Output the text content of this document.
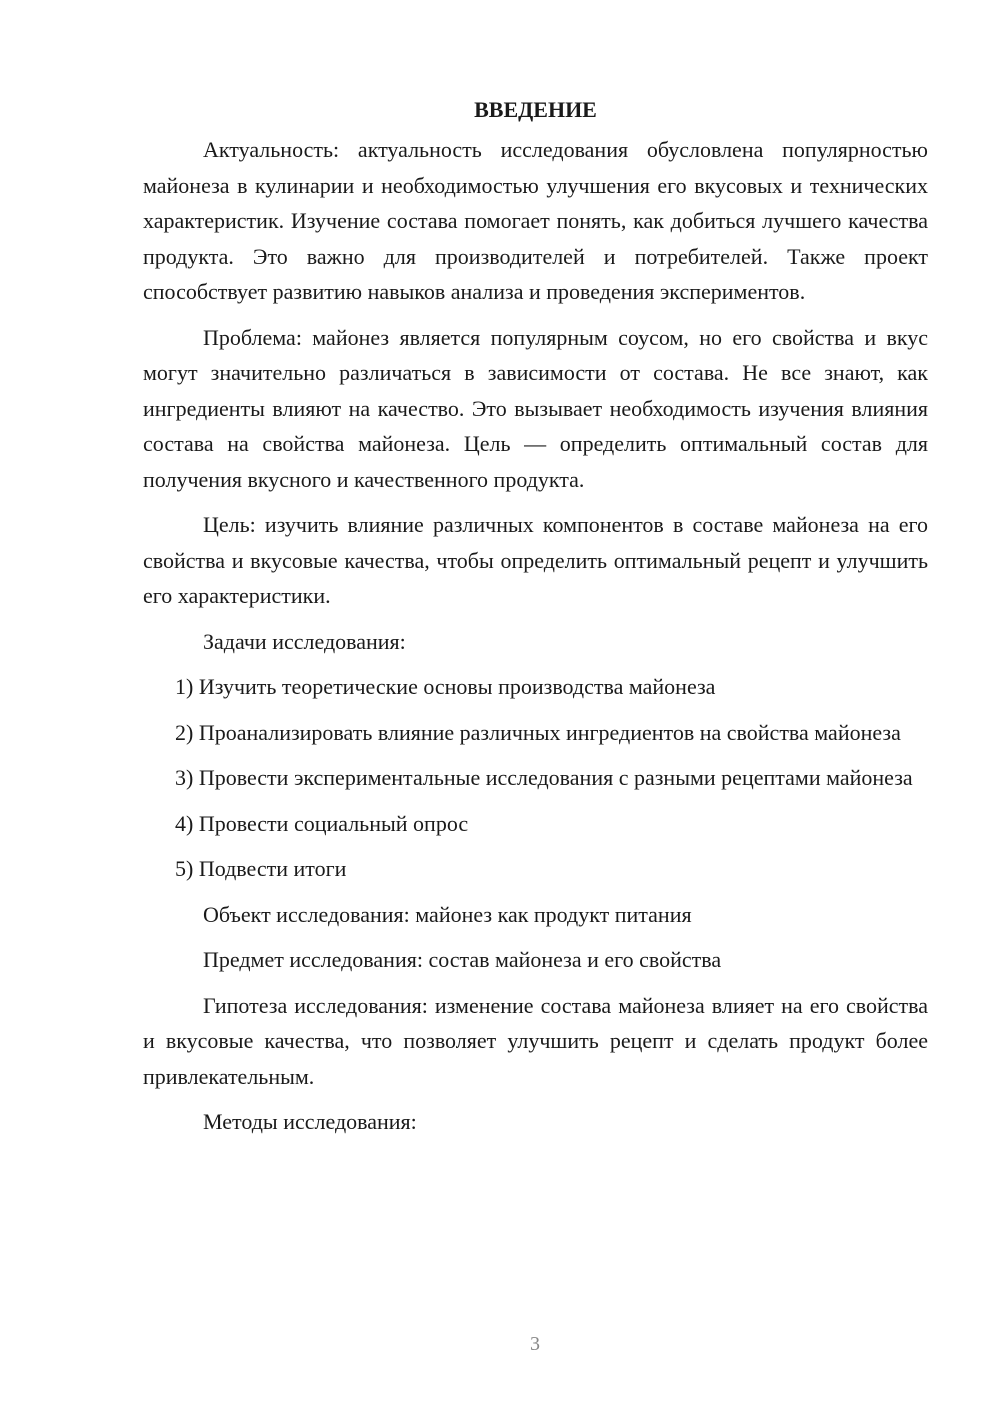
ВВЕДЕНИЕ

Актуальность: актуальность исследования обусловлена популярностью майонеза в кулинарии и необходимостью улучшения его вкусовых и технических характеристик. Изучение состава помогает понять, как добиться лучшего качества продукта. Это важно для производителей и потребителей. Также проект способствует развитию навыков анализа и проведения экспериментов.

Проблема: майонез является популярным соусом, но его свойства и вкус могут значительно различаться в зависимости от состава. Не все знают, как ингредиенты влияют на качество. Это вызывает необходимость изучения влияния состава на свойства майонеза. Цель — определить оптимальный состав для получения вкусного и качественного продукта.

Цель: изучить влияние различных компонентов в составе майонеза на его свойства и вкусовые качества, чтобы определить оптимальный рецепт и улучшить его характеристики.

Задачи исследования:

1) Изучить теоретические основы производства майонеза

2) Проанализировать влияние различных ингредиентов на свойства майонеза

3) Провести экспериментальные исследования с разными рецептами майонеза

4) Провести социальный опрос

5) Подвести итоги

Объект исследования: майонез как продукт питания

Предмет исследования: состав майонеза и его свойства

Гипотеза исследования: изменение состава майонеза влияет на его свойства и вкусовые качества, что позволяет улучшить рецепт и сделать продукт более привлекательным.

Методы исследования:

3
